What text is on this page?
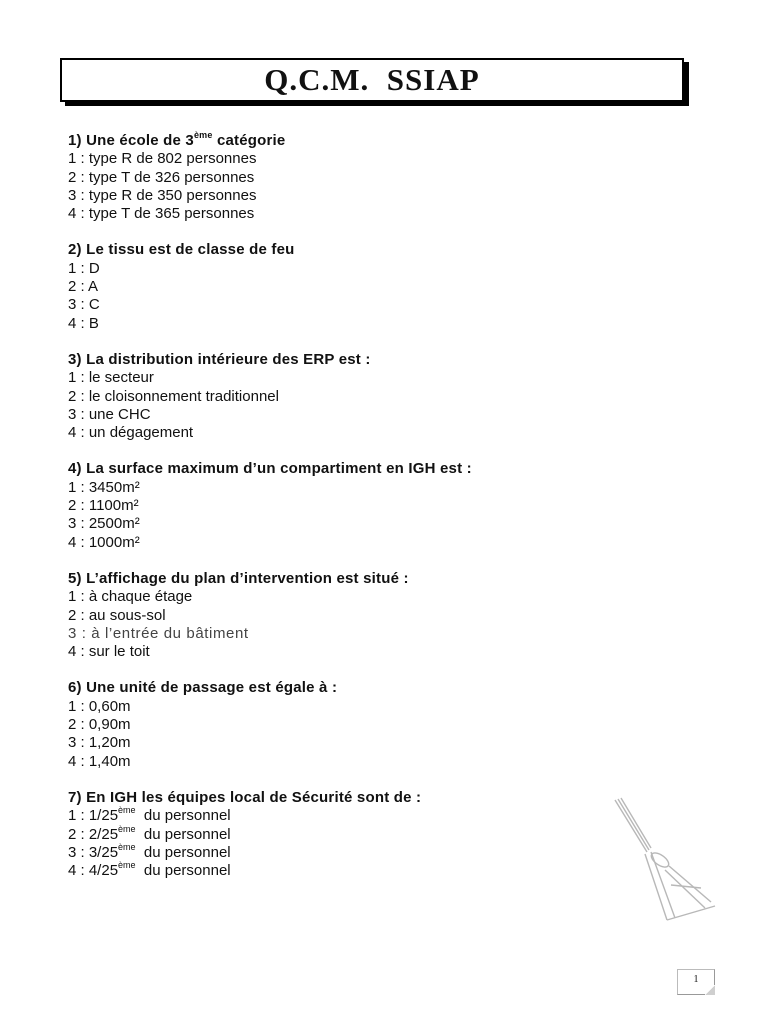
Q.C.M.  SSIAP
1) Une école de 3ème catégorie
1 : type R de 802 personnes
2 : type T de 326 personnes
3 : type R de 350 personnes
4 : type T de 365 personnes
2) Le tissu est de classe de feu
1 : D
2 : A
3 : C
4 : B
3) La distribution intérieure des ERP est :
1 : le secteur
2 : le cloisonnement traditionnel
3 : une CHC
4 : un dégagement
4) La surface maximum d’un compartiment en IGH est :
1 : 3450m²
2 : 1100m²
3 : 2500m²
4 : 1000m²
5) L’affichage du plan d’intervention est situé :
1 : à chaque étage
2 : au sous-sol
3 : à l’entrée du bâtiment
4 : sur le toit
6) Une unité de passage est égale à :
1 : 0,60m
2 : 0,90m
3 : 1,20m
4 : 1,40m
7) En IGH les équipes local de Sécurité sont de :
1 : 1/25ème  du personnel
2 : 2/25ème  du personnel
3 : 3/25ème  du personnel
4 : 4/25ème  du personnel
1
